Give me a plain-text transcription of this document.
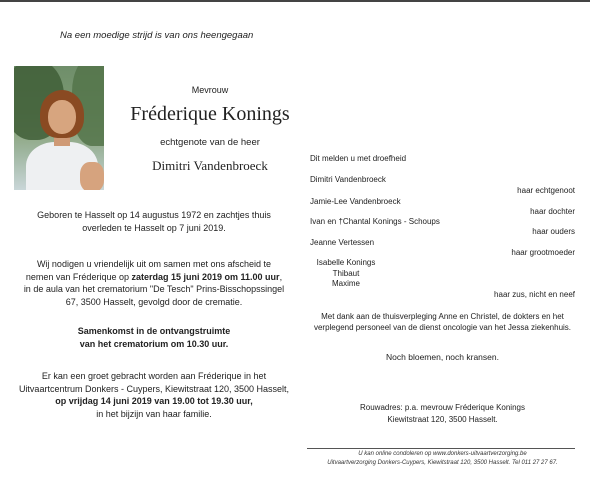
Na een moedige strijd is van ons heengegaan
Mevrouw
Fréderique Konings
echtgenote van de heer
Dimitri Vandenbroeck
Geboren te Hasselt op 14 augustus 1972 en zachtjes thuis
overleden te Hasselt op 7 juni 2019.
Wij nodigen u vriendelijk uit om samen met ons afscheid te
nemen van Fréderique op zaterdag 15 juni 2019 om 11.00 uur,
in de aula van het crematorium "De Tesch" Prins-Bisschopssingel
67, 3500 Hasselt, gevolgd door de crematie.
Samenkomst in de ontvangstruimte
van het crematorium om 10.30 uur.
Er kan een groet gebracht worden aan Fréderique in het
Uitvaartcentrum Donkers - Cuypers, Kiewitstraat 120, 3500 Hasselt,
op vrijdag 14 juni 2019 van 19.00 tot 19.30 uur,
in het bijzijn van haar familie.
Dit melden u met droefheid
Dimitri Vandenbroeck
haar echtgenoot
Jamie-Lee Vandenbroeck
haar dochter
Ivan en †Chantal Konings - Schoups
haar ouders
Jeanne Vertessen
haar grootmoeder
Isabelle Konings
Thibaut
Maxime
haar zus, nicht en neef
Met dank aan de thuisverpleging Anne en Christel, de dokters en het
verplegend personeel van de dienst oncologie van het Jessa ziekenhuis.
Noch bloemen, noch kransen.
Rouwadres: p.a. mevrouw Fréderique Konings
Kiewitstraat 120, 3500 Hasselt.
U kan online condoleren op www.donkers-uitvaartverzorging.be
Uitvaartverzorging Donkers-Cuypers, Kiewitstraat 120, 3500 Hasselt. Tel 011 27 27 67.
